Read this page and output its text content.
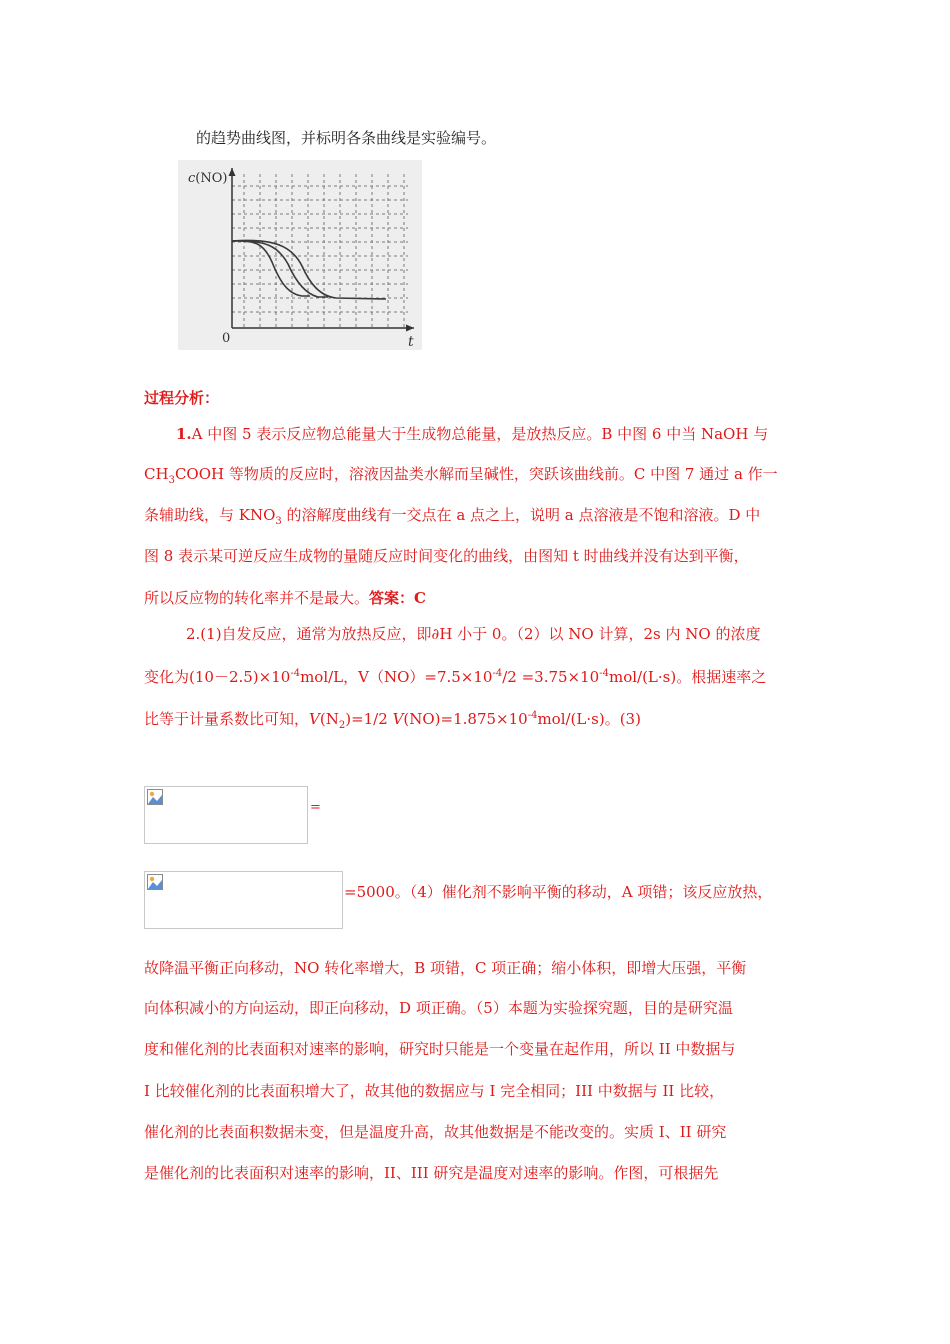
的趋势曲线图，并标明各条曲线是实验编号。
c(NO)
0	t
过程分析：
1.A 中图 5 表示反应物总能量大于生成物总能量，是放热反应。B 中图 6 中当 NaOH 与
$CH_3COOH$ 等物质的反应时，溶液因盐类水解而呈碱性，突跃该曲线前。C 中图 7 通过 a 作一
条辅助线，与 $KNO_3$ 的溶解度曲线有一交点在 a 点之上，说明 a 点溶液是不饱和溶液。D 中
图 8 表示某可逆反应生成物的量随反应时间变化的曲线，由图知 t 时曲线并没有达到平衡，
所以反应物的转化率并不是最大。答案：C
2.(1)自发反应，通常为放热反应，即∂H 小于 0。（2）以 NO 计算，2s 内 NO 的浓度
变化为$(10-2.5)\times 10^{-4}mol/L$，$V(NO)=7.5\times 10^{-4}/2 =3.75\times 10^{-4}mol/(L\cdot s)$。根据速率之
比等于计量系数比可知，$V(N_2)=1/2$ $V(NO)=1.875\times 10^{-4}mol/(L\cdot s)$。(3)
=
=5000。（4）催化剂不影响平衡的移动，A 项错；该反应放热，
故降温平衡正向移动，NO 转化率增大，B 项错，C 项正确；缩小体积，即增大压强，平衡
向体积减小的方向运动，即正向移动，D 项正确。（5）本题为实验探究题，目的是研究温
度和催化剂的比表面积对速率的影响，研究时只能是一个变量在起作用，所以 II 中数据与
I 比较催化剂的比表面积增大了，故其他的数据应与 I 完全相同；III 中数据与 II 比较，
催化剂的比表面积数据未变，但是温度升高，故其他数据是不能改变的。实质 I、II 研究
是催化剂的比表面积对速率的影响，II、III 研究是温度对速率的影响。作图，可根据先
